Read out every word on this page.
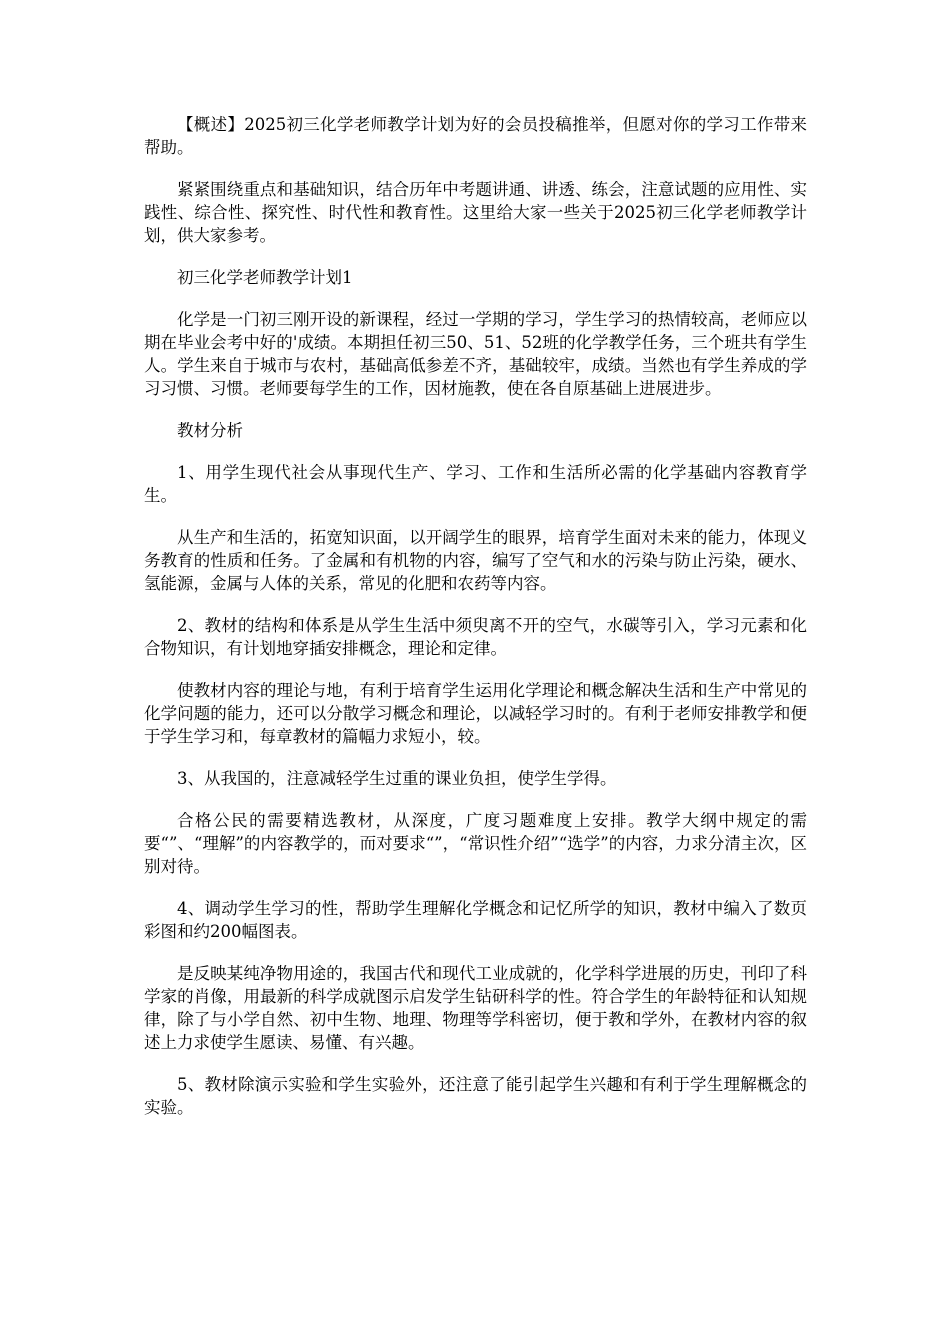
【概述】2025初三化学老师教学计划为好的会员投稿推举，但愿对你的学习工作带来帮助。

紧紧围绕重点和基础知识，结合历年中考题讲通、讲透、练会，注意试题的应用性、实践性、综合性、探究性、时代性和教育性。这里给大家一些关于2025初三化学老师教学计划，供大家参考。

初三化学老师教学计划1

化学是一门初三刚开设的新课程，经过一学期的学习，学生学习的热情较高，老师应以期在毕业会考中好的'成绩。本期担任初三50、51、52班的化学教学任务，三个班共有学生人。学生来自于城市与农村，基础高低参差不齐，基础较牢，成绩。当然也有学生养成的学习习惯、习惯。老师要每学生的工作，因材施教，使在各自原基础上进展进步。

教材分析

1、用学生现代社会从事现代生产、学习、工作和生活所必需的化学基础内容教育学生。

从生产和生活的，拓宽知识面，以开阔学生的眼界，培育学生面对未来的能力，体现义务教育的性质和任务。了金属和有机物的内容，编写了空气和水的污染与防止污染，硬水、氢能源，金属与人体的关系，常见的化肥和农药等内容。

2、教材的结构和体系是从学生生活中须臾离不开的空气，水碳等引入，学习元素和化合物知识，有计划地穿插安排概念，理论和定律。

使教材内容的理论与地，有利于培育学生运用化学理论和概念解决生活和生产中常见的化学问题的能力，还可以分散学习概念和理论，以减轻学习时的。有利于老师安排教学和便于学生学习和，每章教材的篇幅力求短小，较。

3、从我国的，注意减轻学生过重的课业负担，使学生学得。

合格公民的需要精选教材，从深度，广度习题难度上安排。教学大纲中规定的需要“”、“理解”的内容教学的，而对要求“”，“常识性介绍”“选学”的内容，力求分清主次，区别对待。

4、调动学生学习的性，帮助学生理解化学概念和记忆所学的知识，教材中编入了数页彩图和约200幅图表。

是反映某纯净物用途的，我国古代和现代工业成就的，化学科学进展的历史，刊印了科学家的肖像，用最新的科学成就图示启发学生钻研科学的性。符合学生的年龄特征和认知规律，除了与小学自然、初中生物、地理、物理等学科密切，便于教和学外，在教材内容的叙述上力求使学生愿读、易懂、有兴趣。

5、教材除演示实验和学生实验外，还注意了能引起学生兴趣和有利于学生理解概念的实验。
